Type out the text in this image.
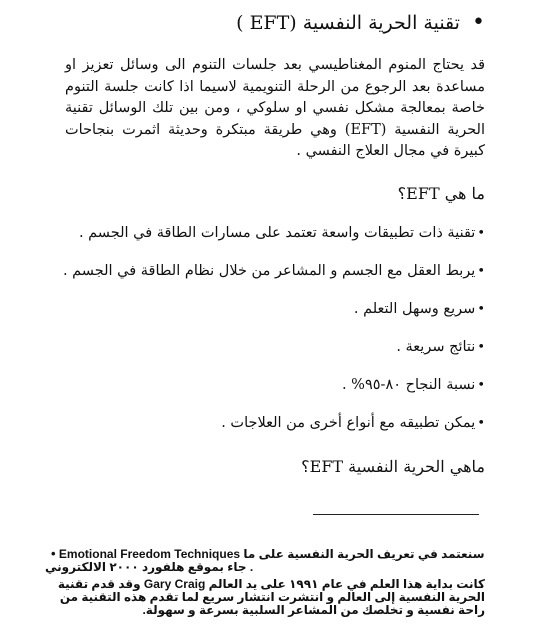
• تقنية الحرية النفسية (EFT )
قد يحتاج المنوم المغناطيسي بعد جلسات التنوم الى وسائل تعزيز او مساعدة بعد الرجوع من الرحلة التنويمية لاسيما اذا كانت جلسة التنوم خاصة بمعالجة مشكل نفسي او سلوكي ، ومن بين تلك الوسائل تقنية الحرية النفسية (EFT) وهي طريقة مبتكرة وحديثة اثمرت بنجاحات كبيرة في مجال العلاج النفسي .
ما هي EFT؟
•تقنية ذات تطبيقات واسعة تعتمد على مسارات الطاقة في الجسم .
•يربط العقل مع الجسم و المشاعر من خلال نظام الطاقة في الجسم .
•سريع وسهل التعلم .
•نتائج سريعة .
•نسبة النجاح ٨٠-٩٥% .
•يمكن تطبيقه مع أنواع أخرى من العلاجات .
ماهي الحرية النفسية EFT؟
• Emotional Freedom Techniques سنعتمد في تعريف الحرية النفسية على ما جاء بموقع هلفورد ٢٠٠٠ الالكتروني .
كانت بداية هذا العلم في عام ١٩٩١ على يد العالم Gary Craig وقد قدم تقنية الحرية النفسية إلى العالم و انتشرت انتشار سريع لما تقدم هذه التقنية من راحة نفسية و تخلصك من المشاعر السلبية بسرعة و سهولة.
